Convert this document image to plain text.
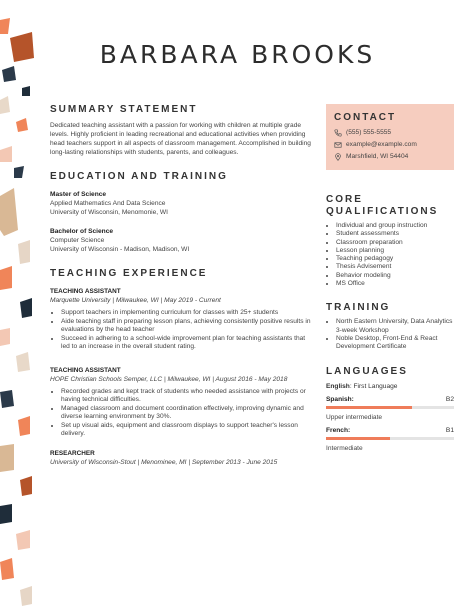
BARBARA BROOKS
SUMMARY STATEMENT

Dedicated teaching assistant with a passion for working with children at multiple grade levels. Highly proficient in leading recreational and educational activities when providing head teachers support in all aspects of classroom management. Accomplished in building long-lasting relationships with students, parents, and colleagues.

EDUCATION AND TRAINING
Master of Science
Applied Mathematics And Data Science
University of Wisconsin, Menomonie, WI
Bachelor of Science
Computer Science
University of Wisconsin - Madison, Madison, WI
TEACHING EXPERIENCE
TEACHING ASSISTANT
Marquette University | Milwaukee, WI | May 2019 - Current
• Support teachers in implementing curriculum for classes with 25+ students
• Aide teaching staff in preparing lesson plans, achieving consistently positive results in evaluations by the head teacher
• Succeed in adhering to a school-wide improvement plan for teaching assistants that led to an increase in the overall student rating.
TEACHING ASSISTANT
HOPE Christian Schools Semper, LLC | Milwaukee, WI | August 2016 - May 2018
• Recorded grades and kept track of students who needed assistance with projects or having technical difficulties.
• Managed classroom and document coordination effectively, improving dynamic and diverse learning environment by 30%.
• Set up visual aids, equipment and classroom displays to support teacher's lesson delivery.
RESEARCHER
University of Wisconsin-Stout | Menominee, MI | September 2013 - June 2015
CONTACT
(555) 555-5555
example@example.com
Marshfield, WI 54404
CORE
QUALIFICATIONS
• Individual and group instruction
• Student assessments
• Classroom preparation
• Lesson planning
• Teaching pedagogy
• Thesis Advisement
• Behavior modeling
• MS Office
TRAINING
• North Eastern University, Data Analytics 3-week Workshop
• Noble Desktop, Front-End & React Development Certificate
LANGUAGES
English: First Language
Spanish:	B2
Upper intermediate
French:	B1
Intermediate
